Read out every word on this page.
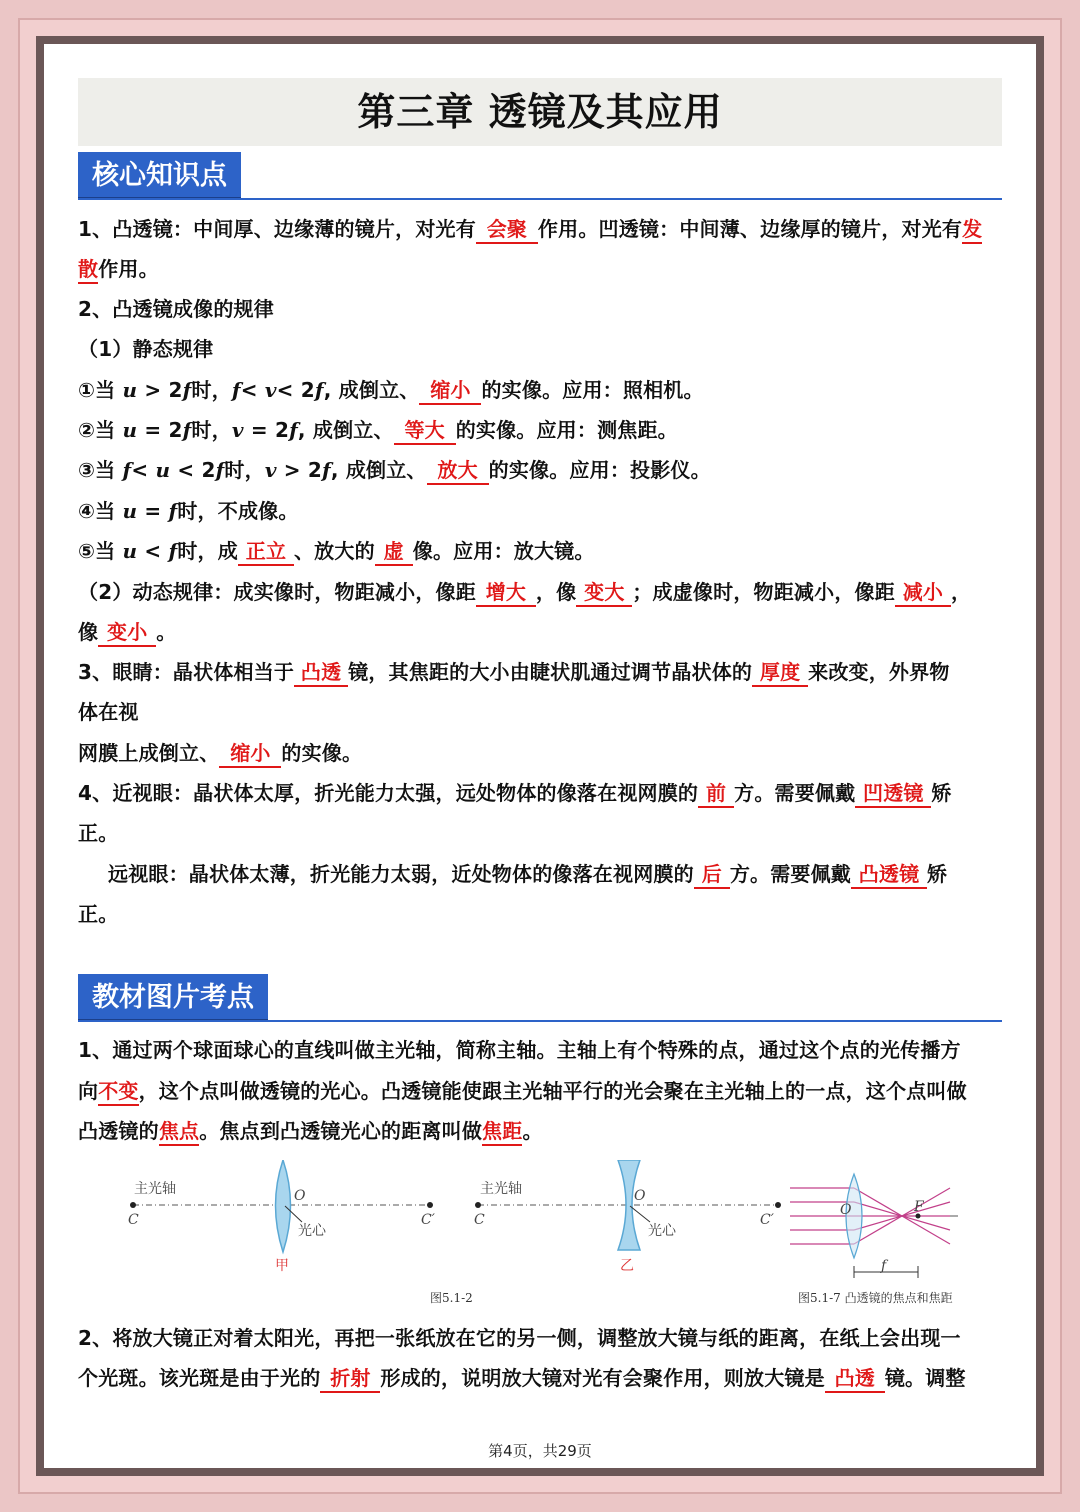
第三章 透镜及其应用
核心知识点
1、凸透镜：中间厚、边缘薄的镜片，对光有 会聚 作用。凹透镜：中间薄、边缘厚的镜片，对光有发
散作用。
2、凸透镜成像的规律
（1）静态规律
①当 u > 2f时，f< v< 2f, 成倒立、 缩小 的实像。应用：照相机。
②当 u = 2f时，v = 2f, 成倒立、 等大 的实像。应用：测焦距。
③当 f< u < 2f时，v > 2f, 成倒立、 放大 的实像。应用：投影仪。
④当 u = f时，不成像。
⑤当 u < f时，成 正立 、放大的 虚 像。应用：放大镜。
（2）动态规律：成实像时，物距减小，像距 增大 ，像 变大 ；成虚像时，物距减小，像距 减小 ，
像 变小 。
3、眼睛：晶状体相当于 凸透 镜，其焦距的大小由睫状肌通过调节晶状体的 厚度 来改变，外界物
体在视
网膜上成倒立、 缩小 的实像。
4、近视眼：晶状体太厚，折光能力太强，远处物体的像落在视网膜的 前 方。需要佩戴 凹透镜 矫
正。
远视眼：晶状体太薄，折光能力太弱，近处物体的像落在视网膜的 后 方。需要佩戴 凸透镜 矫
正。
教材图片考点
1、通过两个球面球心的直线叫做主光轴，简称主轴。主轴上有个特殊的点，通过这个点的光传播方
向不变，这个点叫做透镜的光心。凸透镜能使跟主光轴平行的光会聚在主光轴上的一点，这个点叫做
凸透镜的焦点。焦点到凸透镜光心的距离叫做焦距。
主光轴
C	C′
O
光心
甲
主光轴
C	C′
O
光心
乙
图5.1-2
O	F
f
图5.1-7 凸透镜的焦点和焦距
2、将放大镜正对着太阳光，再把一张纸放在它的另一侧，调整放大镜与纸的距离，在纸上会出现一
个光斑。该光斑是由于光的 折射 形成的，说明放大镜对光有会聚作用，则放大镜是 凸透 镜。调整
第4页，共29页
